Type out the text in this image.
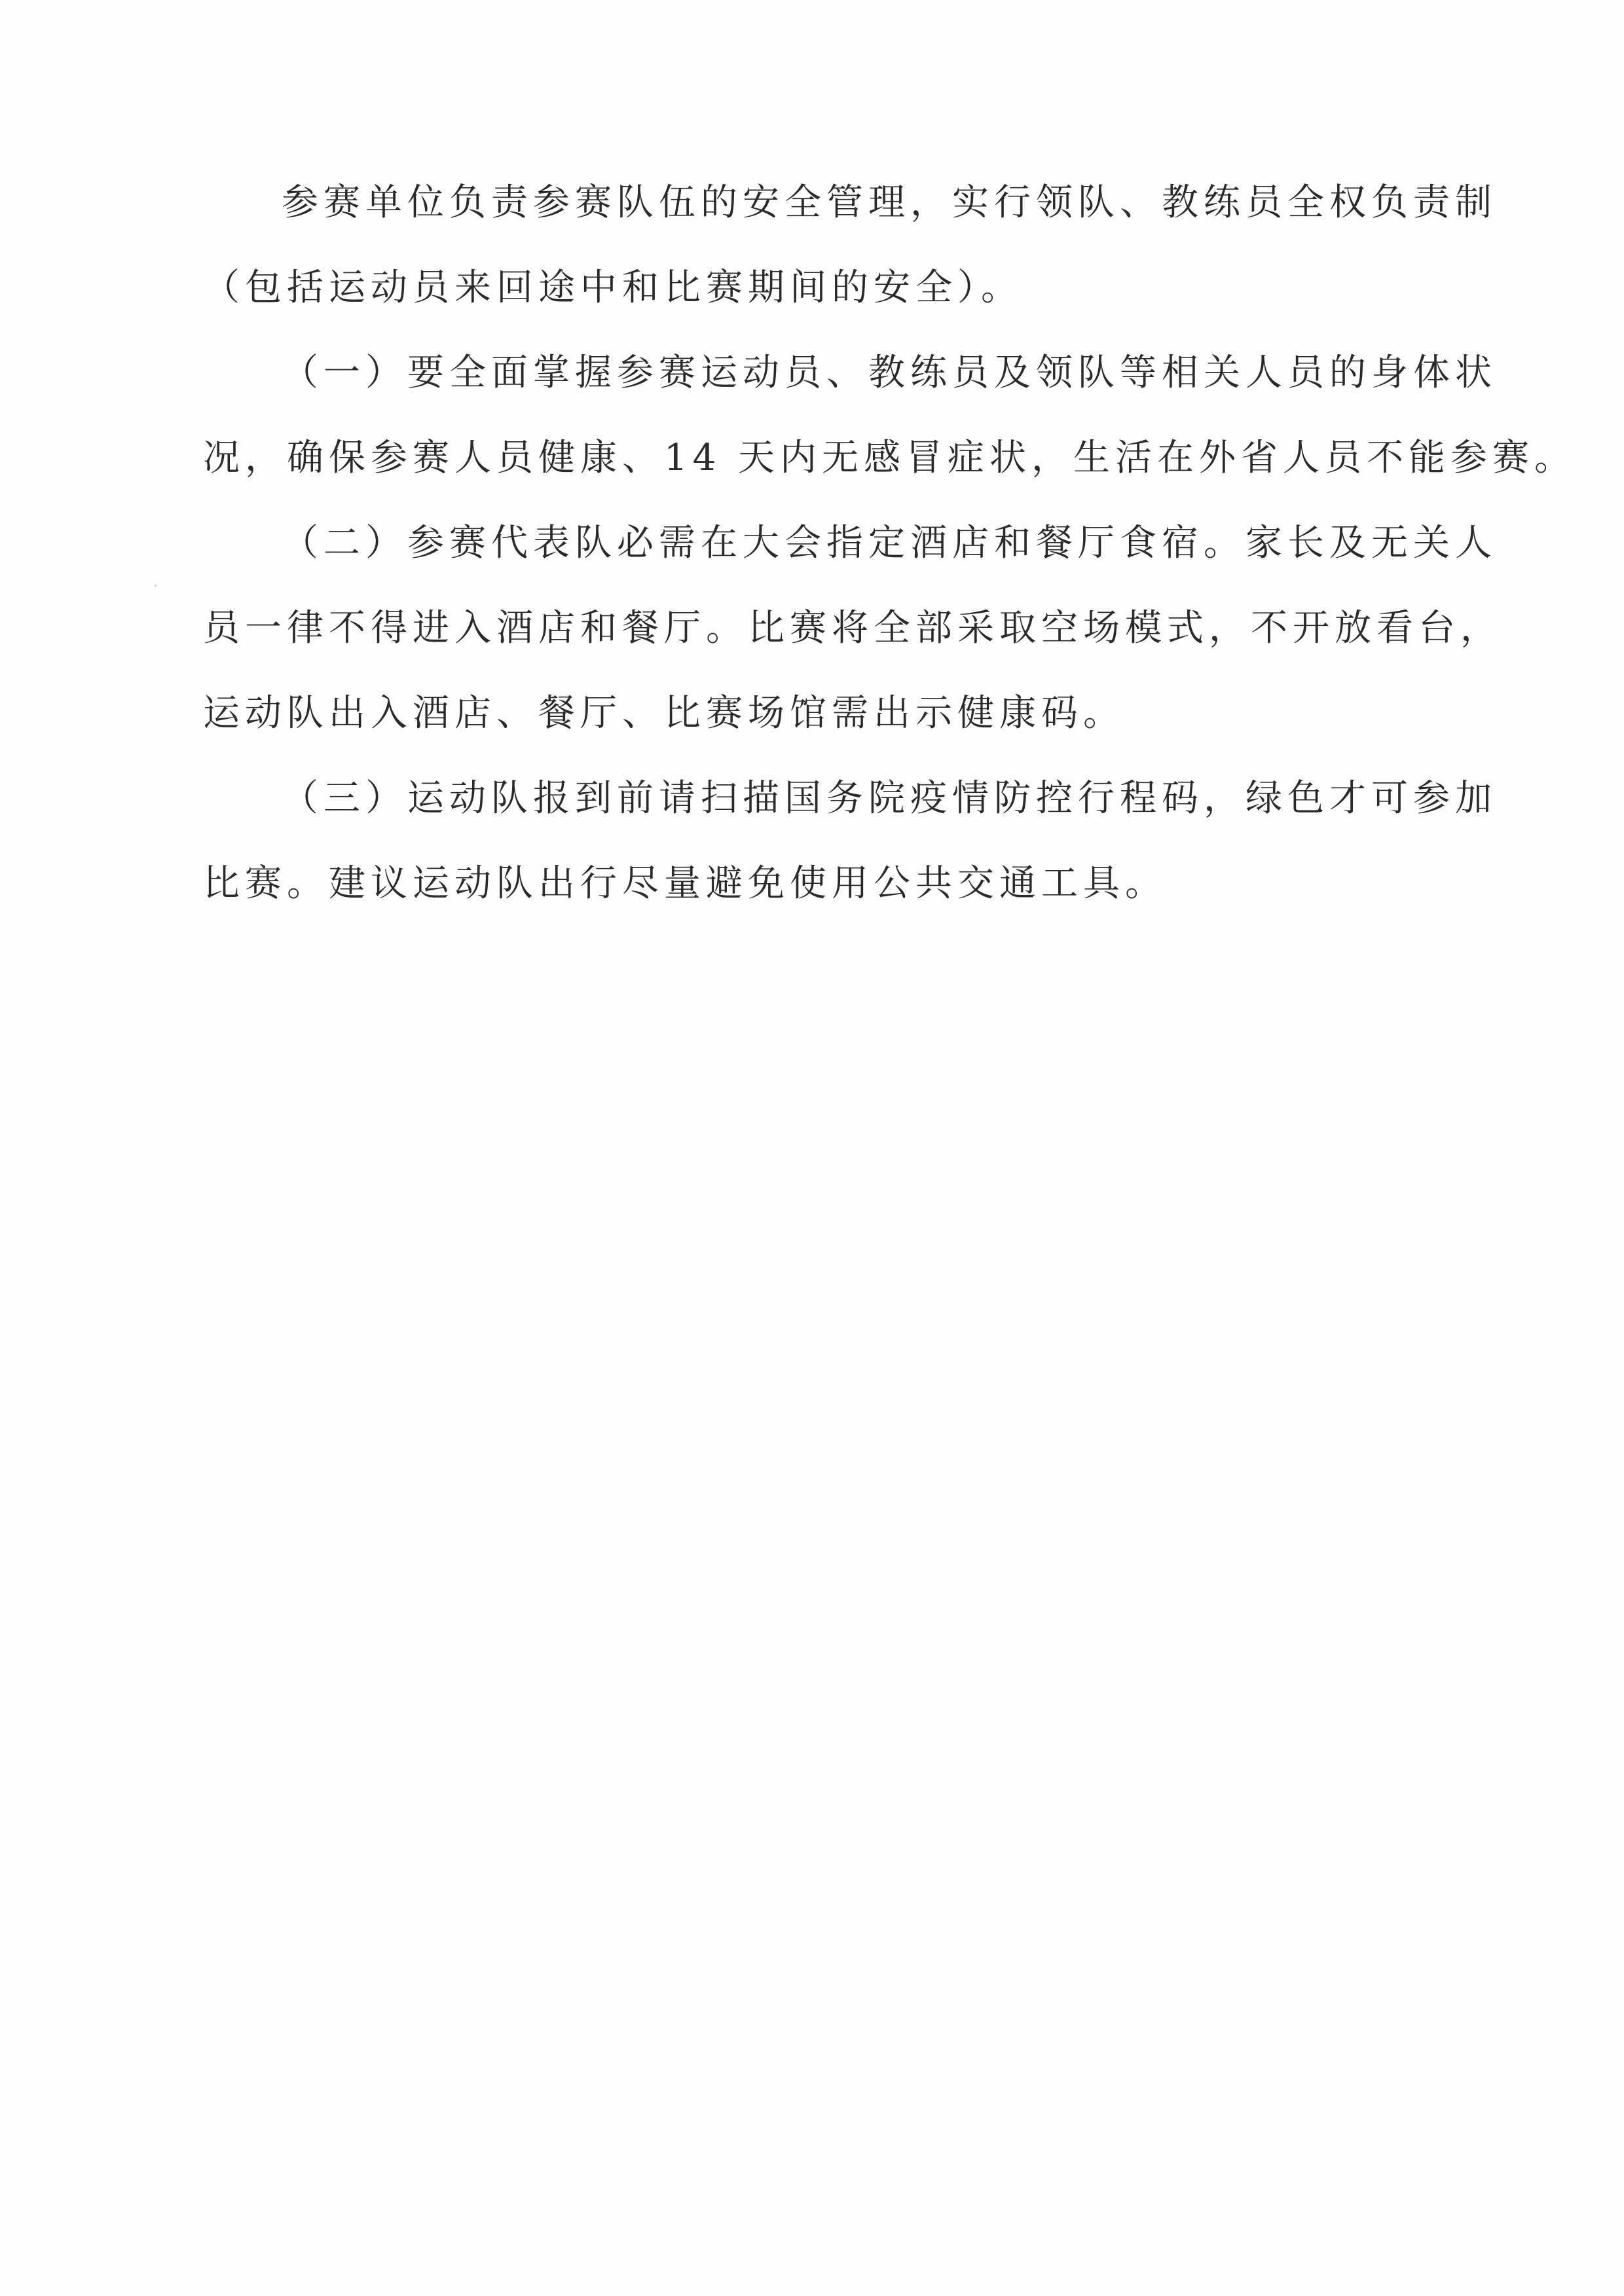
参赛单位负责参赛队伍的安全管理，实行领队、教练员全权负责制
（包括运动员来回途中和比赛期间的安全）。
（一）要全面掌握参赛运动员、教练员及领队等相关人员的身体状
况，确保参赛人员健康、14 天内无感冒症状，生活在外省人员不能参赛。
（二）参赛代表队必需在大会指定酒店和餐厅食宿。家长及无关人
员一律不得进入酒店和餐厅。比赛将全部采取空场模式，不开放看台，
运动队出入酒店、餐厅、比赛场馆需出示健康码。
（三）运动队报到前请扫描国务院疫情防控行程码，绿色才可参加
比赛。建议运动队出行尽量避免使用公共交通工具。
